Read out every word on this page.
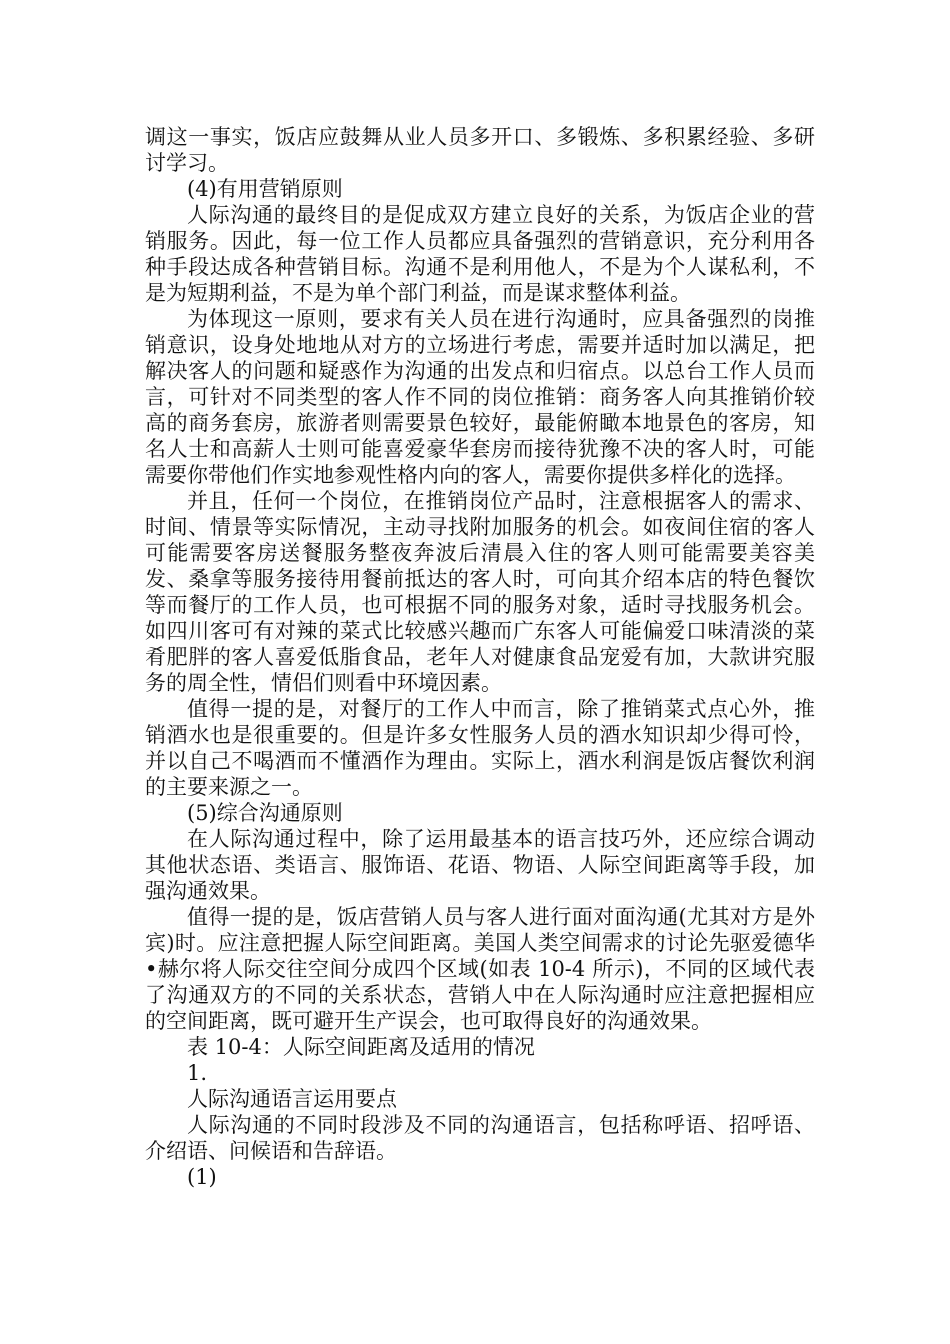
调这一事实，饭店应鼓舞从业人员多开口、多锻炼、多积累经验、多研讨学习。

(4)有用营销原则

人际沟通的最终目的是促成双方建立良好的关系，为饭店企业的营销服务。因此，每一位工作人员都应具备强烈的营销意识，充分利用各种手段达成各种营销目标。沟通不是利用他人，不是为个人谋私利，不是为短期利益，不是为单个部门利益，而是谋求整体利益。

为体现这一原则，要求有关人员在进行沟通时，应具备强烈的岗推销意识，设身处地地从对方的立场进行考虑，需要并适时加以满足，把解决客人的问题和疑惑作为沟通的出发点和归宿点。以总台工作人员而言，可针对不同类型的客人作不同的岗位推销：商务客人向其推销价较高的商务套房，旅游者则需要景色较好，最能俯瞰本地景色的客房，知名人士和高薪人士则可能喜爱豪华套房而接待犹豫不决的客人时，可能需要你带他们作实地参观性格内向的客人，需要你提供多样化的选择。

并且，任何一个岗位，在推销岗位产品时，注意根据客人的需求、时间、情景等实际情况，主动寻找附加服务的机会。如夜间住宿的客人可能需要客房送餐服务整夜奔波后清晨入住的客人则可能需要美容美发、桑拿等服务接待用餐前抵达的客人时，可向其介绍本店的特色餐饮等而餐厅的工作人员，也可根据不同的服务对象，适时寻找服务机会。如四川客可有对辣的菜式比较感兴趣而广东客人可能偏爱口味清淡的菜肴肥胖的客人喜爱低脂食品，老年人对健康食品宠爱有加，大款讲究服务的周全性，情侣们则看中环境因素。

值得一提的是，对餐厅的工作人中而言，除了推销菜式点心外，推销酒水也是很重要的。但是许多女性服务人员的酒水知识却少得可怜，并以自己不喝酒而不懂酒作为理由。实际上，酒水利润是饭店餐饮利润的主要来源之一。

(5)综合沟通原则

在人际沟通过程中，除了运用最基本的语言技巧外，还应综合调动其他状态语、类语言、服饰语、花语、物语、人际空间距离等手段，加强沟通效果。

值得一提的是，饭店营销人员与客人进行面对面沟通(尤其对方是外宾)时。应注意把握人际空间距离。美国人类空间需求的讨论先驱爱德华•赫尔将人际交往空间分成四个区域(如表 10-4 所示)，不同的区域代表了沟通双方的不同的关系状态，营销人中在人际沟通时应注意把握相应的空间距离，既可避开生产误会，也可取得良好的沟通效果。

表 10-4：人际空间距离及适用的情况

1.

人际沟通语言运用要点

人际沟通的不同时段涉及不同的沟通语言，包括称呼语、招呼语、介绍语、问候语和告辞语。

(1)
